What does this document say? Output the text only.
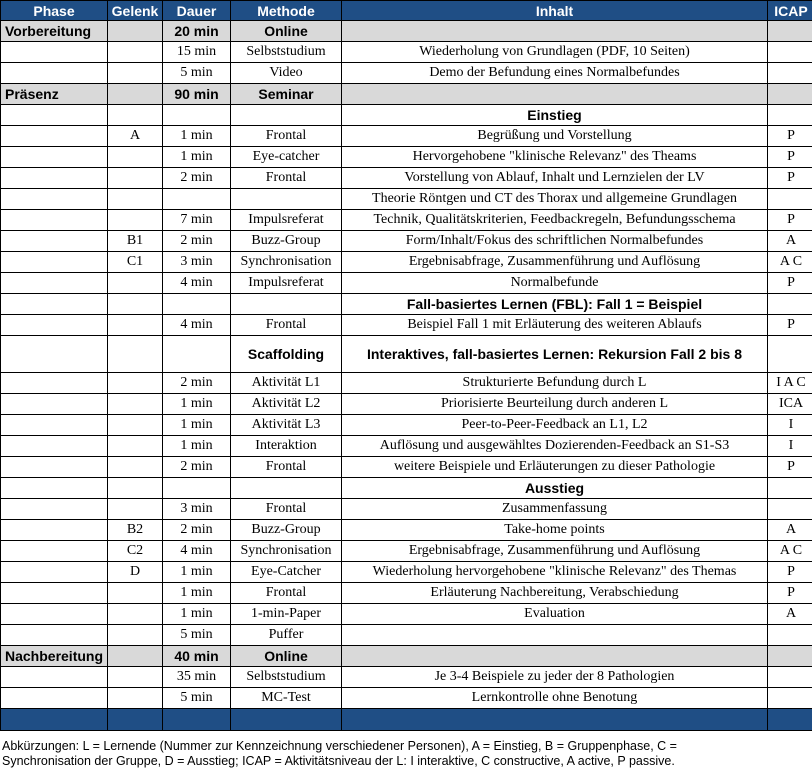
Phase	Gelenk	Dauer	Methode	Inhalt	ICAP
Vorbereitung		20 min	Online		
		15 min	Selbststudium	Wiederholung von Grundlagen (PDF, 10 Seiten)	
		5 min	Video	Demo der Befundung eines Normalbefundes	
Präsenz		90 min	Seminar		
				Einstieg	
	A	1 min	Frontal	Begrüßung und Vorstellung	P
		1 min	Eye-catcher	Hervorgehobene "klinische Relevanz" des Theams	P
		2 min	Frontal	Vorstellung von Ablauf, Inhalt und Lernzielen der LV	P
				Theorie Röntgen und CT des Thorax und allgemeine Grundlagen	
		7 min	Impulsreferat	Technik, Qualitätskriterien, Feedbackregeln, Befundungsschema	P
	B1	2 min	Buzz-Group	Form/Inhalt/Fokus des schriftlichen Normalbefundes	A
	C1	3 min	Synchronisation	Ergebnisabfrage, Zusammenführung und Auflösung	A C
		4 min	Impulsreferat	Normalbefunde	P
				Fall-basiertes Lernen (FBL): Fall 1 = Beispiel	
		4 min	Frontal	Beispiel Fall 1 mit Erläuterung des weiteren Ablaufs	P
			Scaffolding	Interaktives, fall-basiertes Lernen: Rekursion Fall 2 bis 8	
		2 min	Aktivität L1	Strukturierte Befundung durch L	I A C
		1 min	Aktivität L2	Priorisierte Beurteilung durch anderen L	ICA
		1 min	Aktivität L3	Peer-to-Peer-Feedback an L1, L2	I
		1 min	Interaktion	Auflösung und ausgewähltes Dozierenden-Feedback an S1-S3	I
		2 min	Frontal	weitere Beispiele und Erläuterungen zu dieser Pathologie	P
				Ausstieg	
		3 min	Frontal	Zusammenfassung	
	B2	2 min	Buzz-Group	Take-home points	A
	C2	4 min	Synchronisation	Ergebnisabfrage, Zusammenführung und Auflösung	A C
	D	1 min	Eye-Catcher	Wiederholung hervorgehobene "klinische Relevanz" des Themas	P
		1 min	Frontal	Erläuterung Nachbereitung, Verabschiedung	P
		1 min	1-min-Paper	Evaluation	A
		5 min	Puffer		
Nachbereitung		40 min	Online		
		35 min	Selbststudium	Je 3-4 Beispiele zu jeder der 8 Pathologien	
		5 min	MC-Test	Lernkontrolle ohne Benotung	

Abkürzungen: L = Lernende (Nummer zur Kennzeichnung verschiedener Personen), A = Einstieg, B = Gruppenphase, C =
Synchronisation der Gruppe, D = Ausstieg; ICAP = Aktivitätsniveau der L: I interaktive, C constructive, A active, P passive.
